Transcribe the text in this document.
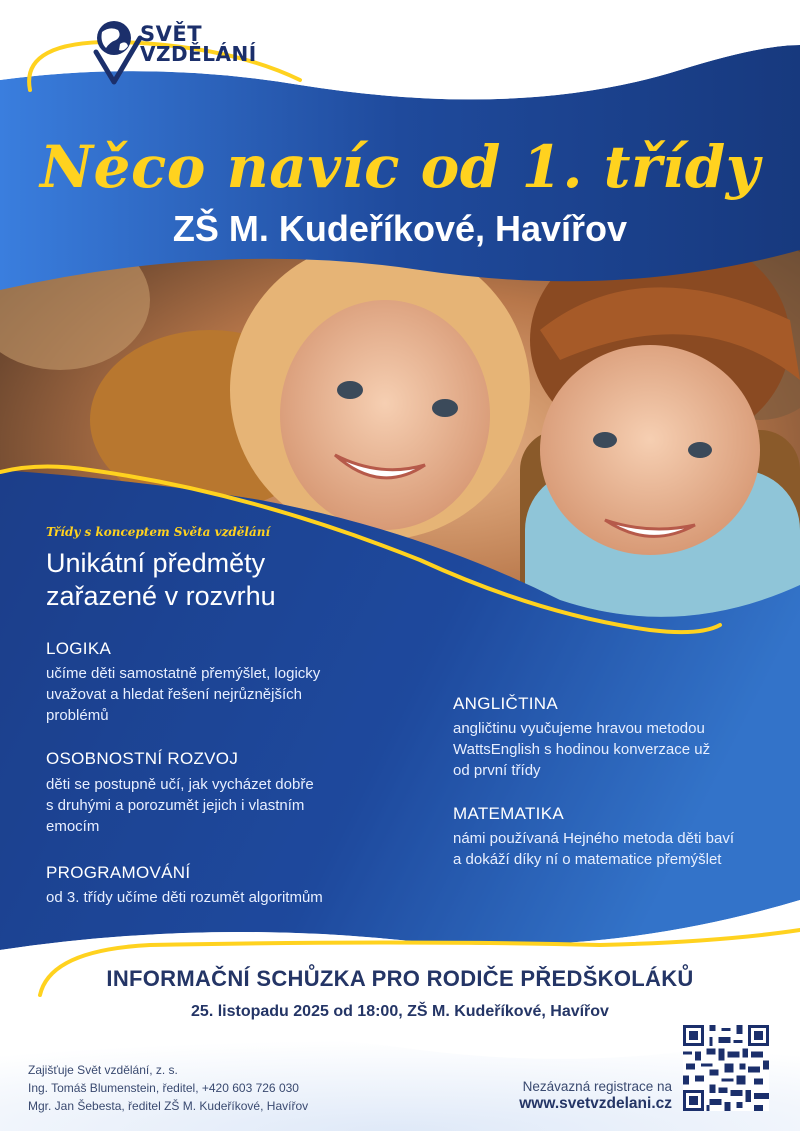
SVĚT
VZDĚLÁNÍ
Něco navíc od 1. třídy
ZŠ M. Kudeříkové, Havířov
Třídy s konceptem Světa vzdělání
Unikátní předměty
zařazené v rozvrhu
LOGIKA
učíme děti samostatně přemýšlet, logicky
uvažovat a hledat řešení nejrůznějších
problémů
OSOBNOSTNÍ ROZVOJ
děti se postupně učí, jak vycházet dobře
s druhými a porozumět jejich i vlastním
emocím
PROGRAMOVÁNÍ
od 3. třídy učíme děti rozumět algoritmům
ANGLIČTINA
angličtinu vyučujeme hravou metodou
WattsEnglish s hodinou konverzace už
od první třídy
MATEMATIKA
námi používaná Hejného metoda děti baví
a dokáží díky ní o matematice přemýšlet
INFORMAČNÍ SCHŮZKA PRO RODIČE PŘEDŠKOLÁKŮ
25. listopadu 2025 od 18:00, ZŠ M. Kudeříkové, Havířov
Zajišťuje Svět vzdělání, z. s.
Ing. Tomáš Blumenstein, ředitel, +420 603 726 030
Mgr. Jan Šebesta, ředitel ZŠ M. Kudeříkové, Havířov
Nezávazná registrace na
www.svetvzdelani.cz
